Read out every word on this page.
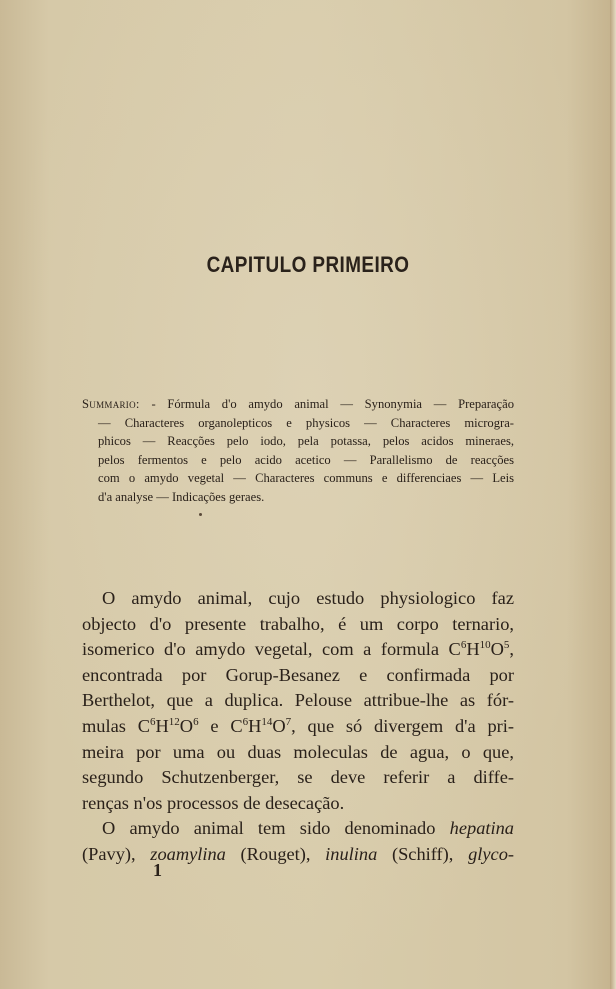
CAPITULO PRIMEIRO
Summario: - Fórmula d'o amydo animal — Synonymia — Preparação
— Characteres organolepticos e physicos — Characteres microgra-
phicos — Reacções pelo iodo, pela potassa, pelos acidos mineraes,
pelos fermentos e pelo acido acetico — Parallelismo de reacções
com o amydo vegetal — Characteres communs e differenciaes — Leis
d'a analyse — Indicações geraes.
O amydo animal, cujo estudo physiologico faz
objecto d'o presente trabalho, é um corpo ternario,
isomerico d'o amydo vegetal, com a formula $C^6H^{10}O^5$,
encontrada por Gorup-Besanez e confirmada por
Berthelot, que a duplica. Pelouse attribue-lhe as fór-
mulas $C^6H^{12}O^6$ e $C^6H^{14}O^7$, que só divergem d'a pri-
meira por uma ou duas moleculas de agua, o que,
segundo Schutzenberger, se deve referir a diffe-
renças n'os processos de desecação.
O amydo animal tem sido denominado hepatina
(Pavy), zoamylina (Rouget), inulina (Schiff), glyco-
1
